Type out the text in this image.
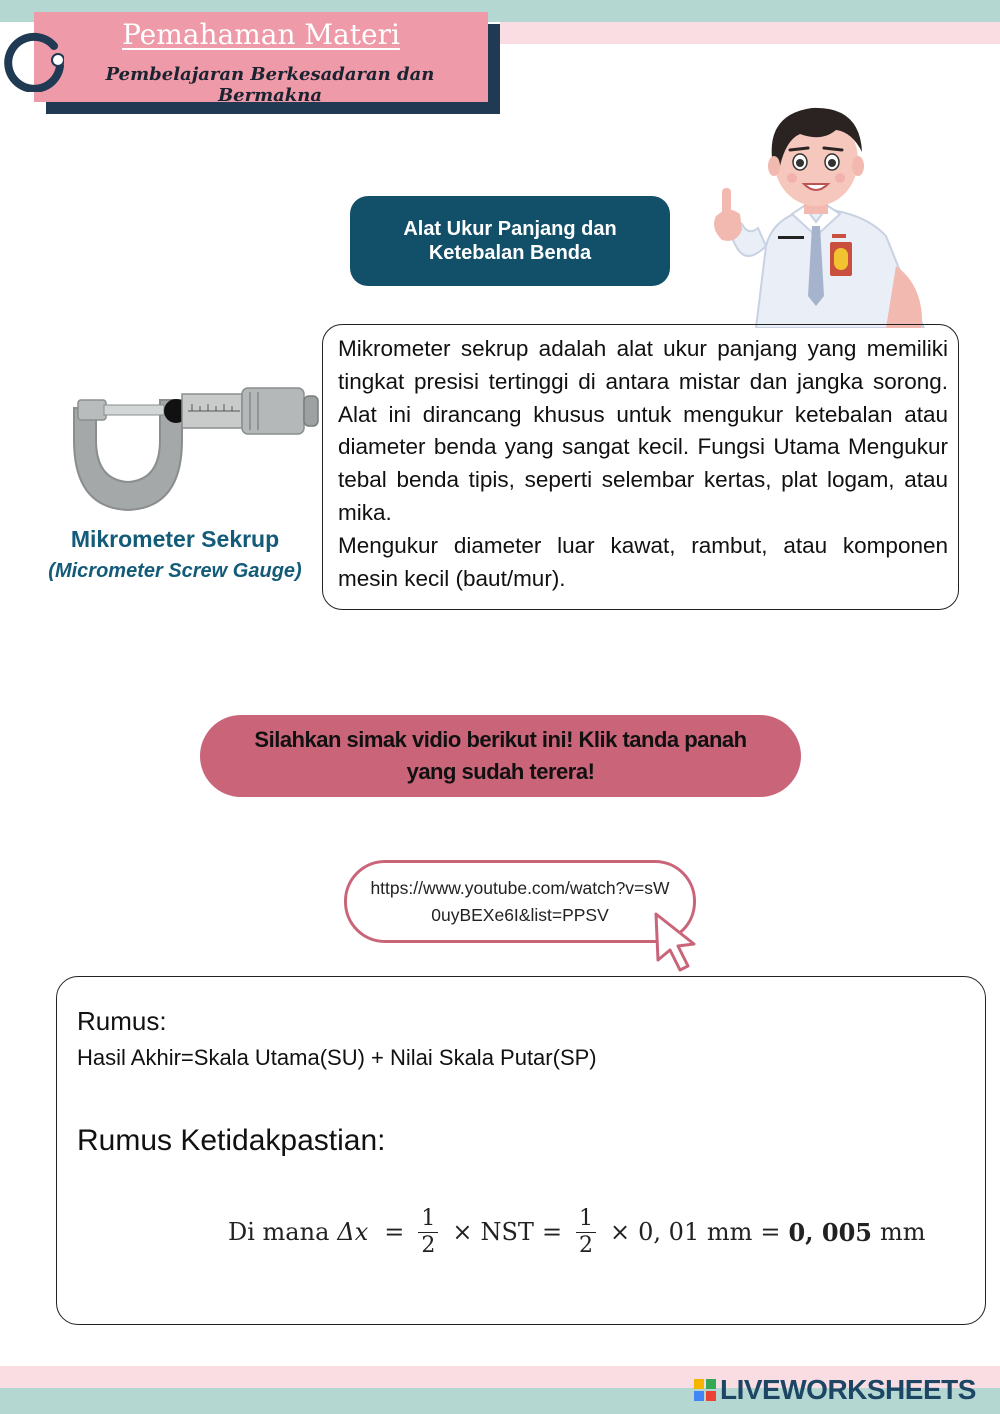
Pemahaman Materi
Pembelajaran Berkesadaran dan Bermakna
Alat Ukur Panjang dan Ketebalan Benda
Mikrometer Sekrup
(Micrometer Screw Gauge)

Mikrometer sekrup adalah alat ukur panjang yang memiliki tingkat presisi tertinggi di antara mistar dan jangka sorong. Alat ini dirancang khusus untuk mengukur ketebalan atau diameter benda yang sangat kecil. Fungsi Utama Mengukur tebal benda tipis, seperti selembar kertas, plat logam, atau mika.

Mengukur diameter luar kawat, rambut, atau komponen mesin kecil (baut/mur).

Silahkan simak vidio berikut ini! Klik tanda panah yang sudah terera!
https://www.youtube.com/watch?v=sW0uyBEXe6I&list=PPSV
Rumus:
Hasil Akhir=Skala Utama(SU) + Nilai Skala Putar(SP)
Rumus Ketidakpastian:
Di mana $\Delta x = \frac{1}{2}$ × NST = $\frac{1}{2} \times 0$, 01 mm = 0, 005 mm
LIVEWORKSHEETS
